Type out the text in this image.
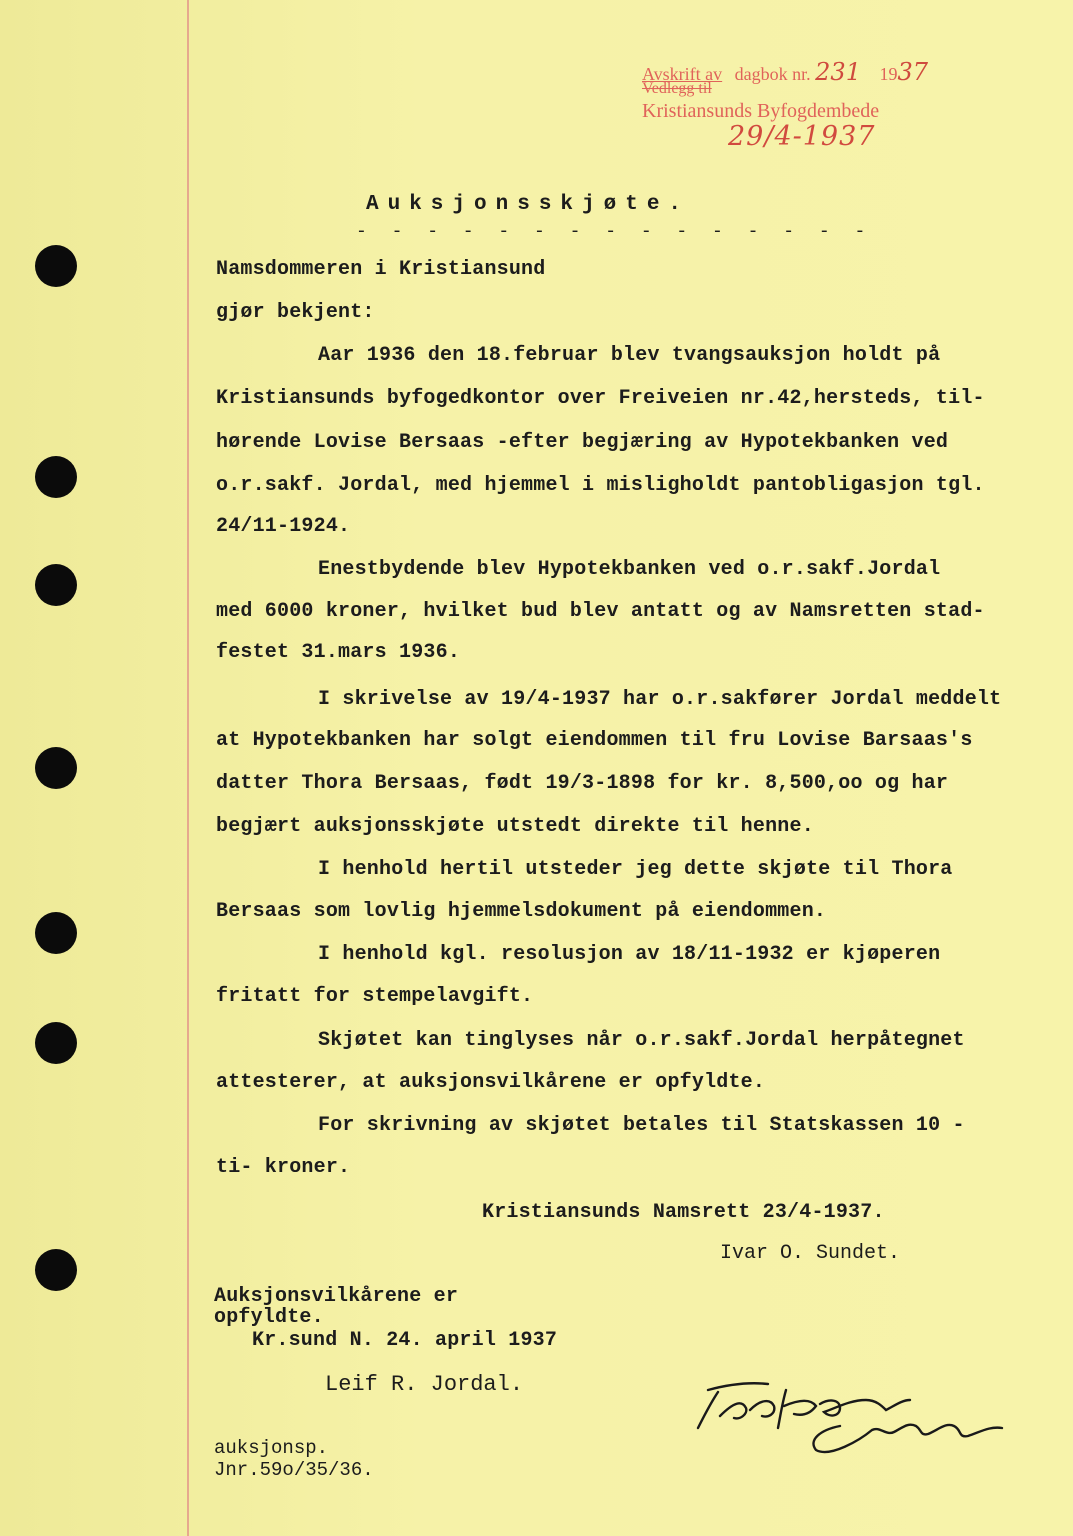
Avskrift av dagbok nr. 231 1937
Vedlegg til
Kristiansunds Byfogdembede
29/4-1937
Auksjonsskjøte.
- - - - - - - - - - - - - - -
Namsdommeren i Kristiansund
gjør bekjent:
Aar 1936 den 18.februar blev tvangsauksjon holdt på
Kristiansunds byfogedkontor over Freiveien nr.42,hersteds, til-
hørende Lovise Bersaas -efter begjæring av Hypotekbanken ved
o.r.sakf. Jordal, med hjemmel i misligholdt pantobligasjon tgl.
24/11-1924.
Enestbydende blev Hypotekbanken ved o.r.sakf.Jordal
med 6000 kroner, hvilket bud blev antatt og av Namsretten stad-
festet 31.mars 1936.
I skrivelse av 19/4-1937 har o.r.sakfører Jordal meddelt
at Hypotekbanken har solgt eiendommen til fru Lovise Barsaas's
datter Thora Bersaas, født 19/3-1898 for kr. 8,500,oo og har
begjært auksjonsskjøte utstedt direkte til henne.
I henhold hertil utsteder jeg dette skjøte til Thora
Bersaas som lovlig hjemmelsdokument på eiendommen.
I henhold kgl. resolusjon av 18/11-1932 er kjøperen
fritatt for stempelavgift.
Skjøtet kan tinglyses når o.r.sakf.Jordal herpåtegnet
attesterer, at auksjonsvilkårene er opfyldte.
For skrivning av skjøtet betales til Statskassen 10 -
ti- kroner.
Kristiansunds Namsrett 23/4-1937.
Ivar O. Sundet.
Auksjonsvilkårene er
opfyldte.
Kr.sund N. 24. april 1937
Leif R. Jordal.
auksjonsp.
Jnr.59o/35/36.
